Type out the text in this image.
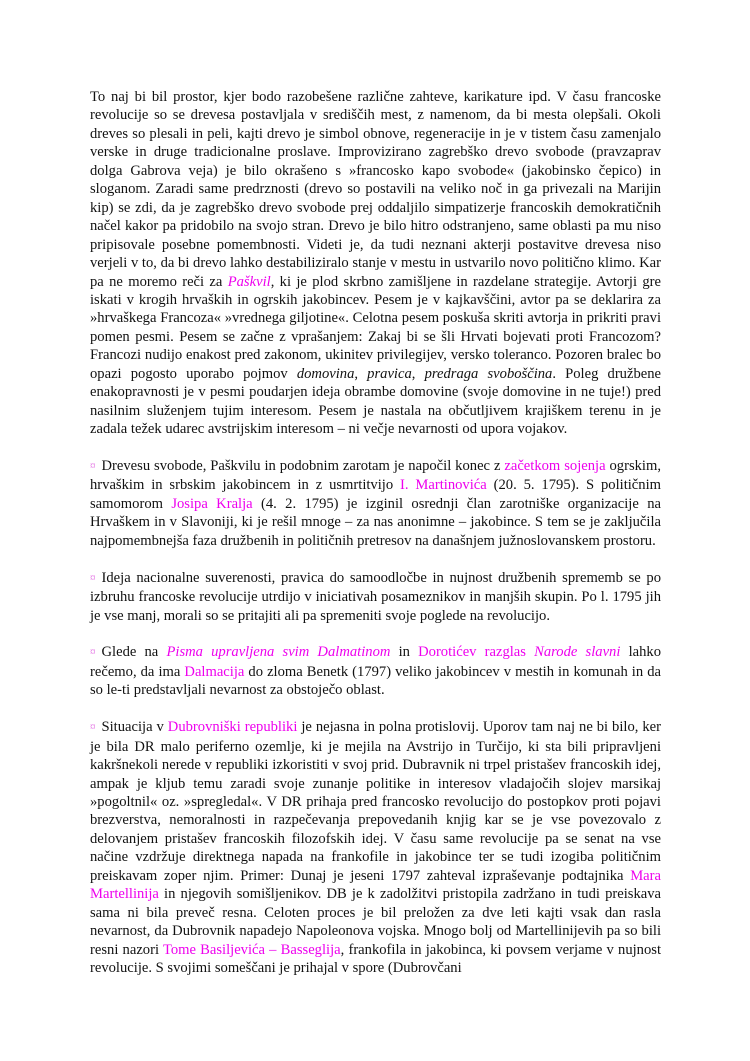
To naj bi bil prostor, kjer bodo razobešene različne zahteve, karikature ipd. V času francoske revolucije so se drevesa postavljala v središčih mest, z namenom, da bi mesta olepšali. Okoli dreves so plesali in peli, kajti drevo je simbol obnove, regeneracije in je v tistem času zamenjalo verske in druge tradicionalne proslave. Improvizirano zagrebško drevo svobode (pravzaprav dolga Gabrova veja) je bilo okrašeno s »francosko kapo svobode« (jakobinsko čepico) in sloganom. Zaradi same predrznosti (drevo so postavili na veliko noč in ga privezali na Marijin kip) se zdi, da je zagrebško drevo svobode prej oddaljilo simpatizerje francoskih demokratičnih načel kakor pa pridobilo na svojo stran. Drevo je bilo hitro odstranjeno, same oblasti pa mu niso pripisovale posebne pomembnosti. Videti je, da tudi neznani akterji postavitve drevesa niso verjeli v to, da bi drevo lahko destabiliziralo stanje v mestu in ustvarilo novo politično klimo. Kar pa ne moremo reči za Paškvil, ki je plod skrbno zamišljene in razdelane strategije. Avtorji gre iskati v krogih hrvaških in ogrskih jakobincev. Pesem je v kajkavščini, avtor pa se deklarira za »hrvaškega Francoza« »vrednega giljotine«. Celotna pesem poskuša skriti avtorja in prikriti pravi pomen pesmi. Pesem se začne z vprašanjem: Zakaj bi se šli Hrvati bojevati proti Francozom? Francozi nudijo enakost pred zakonom, ukinitev privilegijev, versko toleranco. Pozoren bralec bo opazi pogosto uporabo pojmov domovina, pravica, predraga svoboščina. Poleg družbene enakopravnosti je v pesmi poudarjen ideja obrambe domovine (svoje domovine in ne tuje!) pred nasilnim služenjem tujim interesom. Pesem je nastala na občutljivem krajiškem terenu in je zadala težek udarec avstrijskim interesom – ni večje nevarnosti od upora vojakov.

¤ Drevesu svobode, Paškvilu in podobnim zarotam je napočil konec z začetkom sojenja ogrskim, hrvaškim in srbskim jakobincem in z usmrtitvijo I. Martinovića (20. 5. 1795). S političnim samomorom Josipa Kralja (4. 2. 1795) je izginil osrednji član zarotniške organizacije na Hrvaškem in v Slavoniji, ki je rešil mnoge – za nas anonimne – jakobince. S tem se je zaključila najpomembnejša faza družbenih in političnih pretresov na današnjem južnoslovanskem prostoru.

¤ Ideja nacionalne suverenosti, pravica do samoodločbe in nujnost družbenih sprememb se po izbruhu francoske revolucije utrdijo v iniciativah posameznikov in manjših skupin. Po l. 1795 jih je vse manj, morali so se pritajiti ali pa spremeniti svoje poglede na revolucijo.

¤ Glede na Pisma upravljena svim Dalmatinom in Dorotićev razglas Narode slavni lahko rečemo, da ima Dalmacija do zloma Benetk (1797) veliko jakobincev v mestih in komunah in da so le-ti predstavljali nevarnost za obstoječo oblast.

¤ Situacija v Dubrovniški republiki je nejasna in polna protislovij. Uporov tam naj ne bi bilo, ker je bila DR malo periferno ozemlje, ki je mejila na Avstrijo in Turčijo, ki sta bili pripravljeni kakršnekoli nerede v republiki izkoristiti v svoj prid. Dubravnik ni trpel pristašev francoskih idej, ampak je kljub temu zaradi svoje zunanje politike in interesov vladajočih slojev marsikaj »pogoltnil« oz. »spregledal«. V DR prihaja pred francosko revolucijo do postopkov proti pojavi brezverstva, nemoralnosti in razpečevanja prepovedanih knjig kar se je vse povezovalo z delovanjem pristašev francoskih filozofskih idej. V času same revolucije pa se senat na vse načine vzdržuje direktnega napada na frankofile in jakobince ter se tudi izogiba političnim preiskavam zoper njim. Primer: Dunaj je jeseni 1797 zahteval izpraševanje podtajnika Mara Martellinija in njegovih somišljenikov. DB je k zadolžitvi pristopila zadržano in tudi preiskava sama ni bila preveč resna. Celoten proces je bil preložen za dve leti kajti vsak dan rasla nevarnost, da Dubrovnik napadejo Napoleonova vojska. Mnogo bolj od Martellinijevih pa so bili resni nazori Tome Basiljevića – Basseglija, frankofila in jakobinca, ki povsem verjame v nujnost revolucije. S svojimi someščani je prihajal v spore (Dubrovčani
